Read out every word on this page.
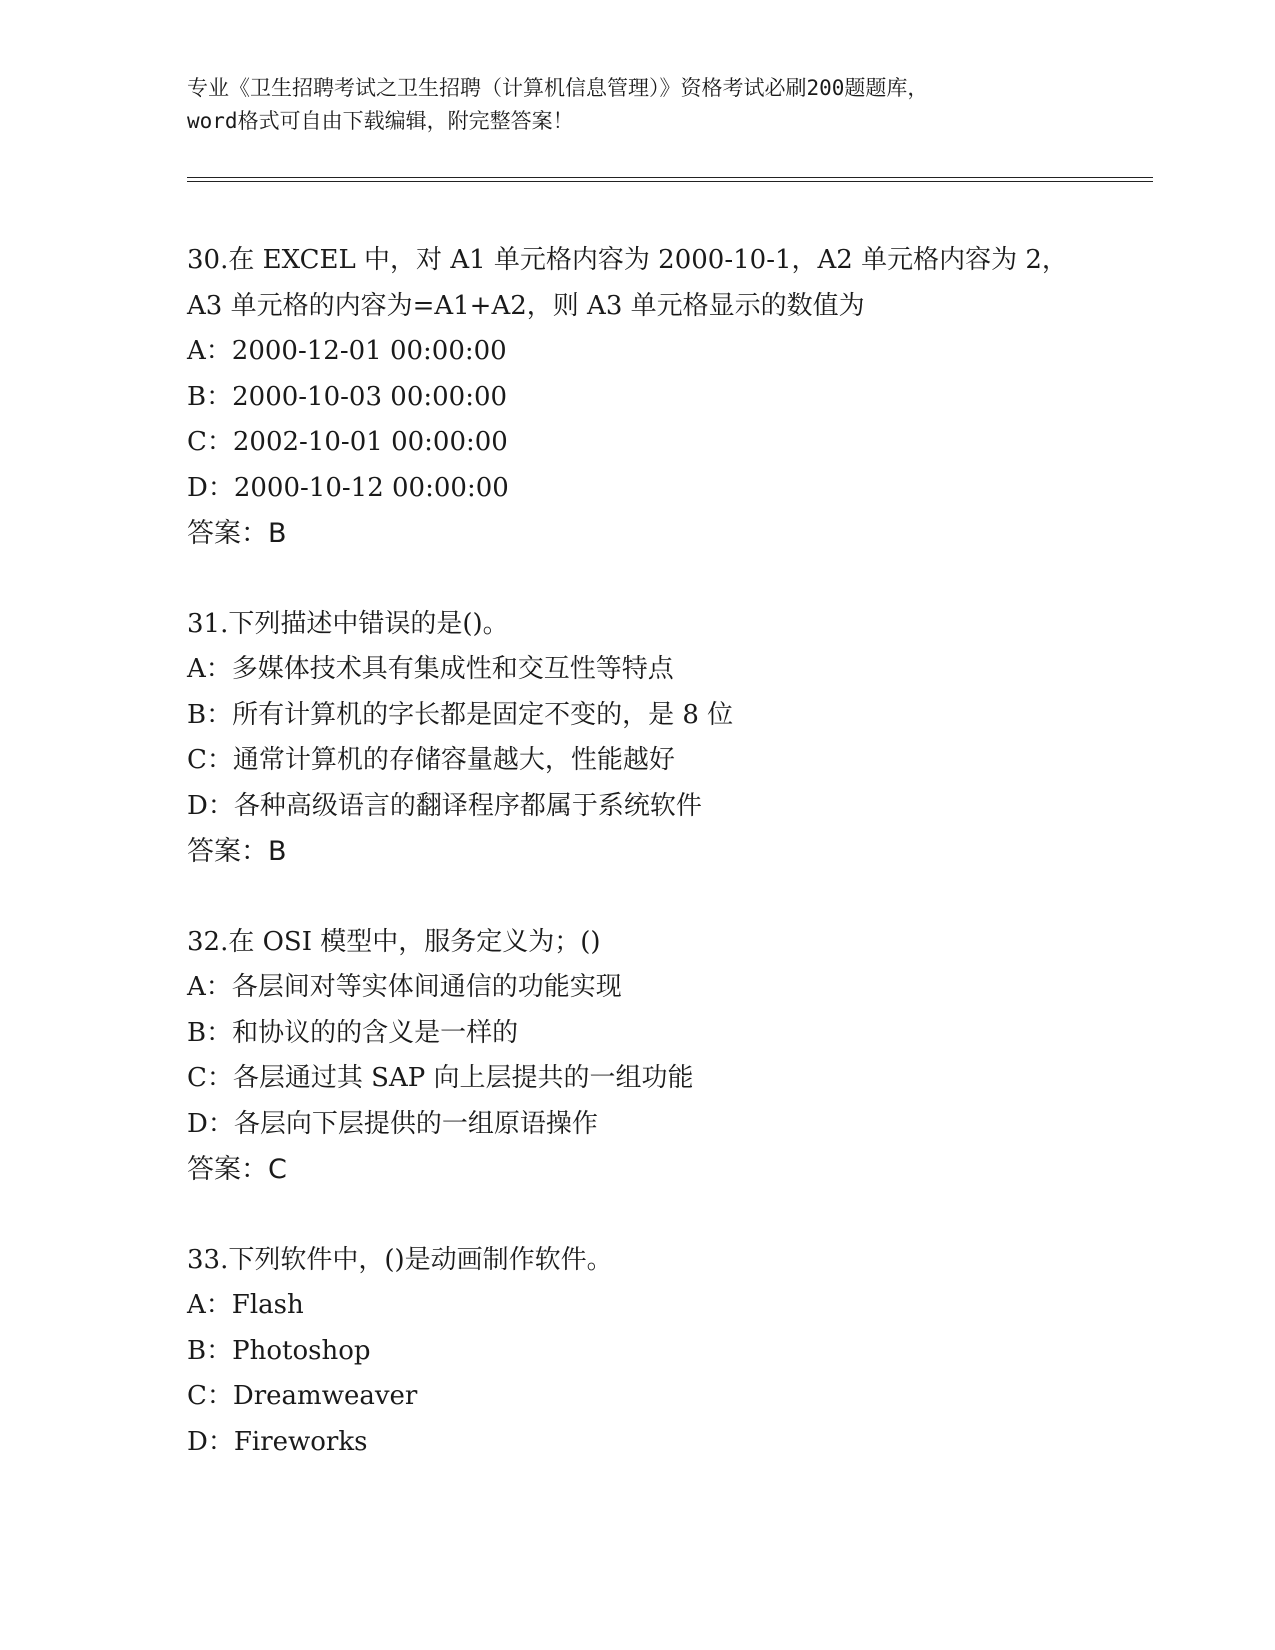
专业《卫生招聘考试之卫生招聘（计算机信息管理）》资格考试必刷200题题库，
word格式可自由下载编辑，附完整答案！
30.在 EXCEL 中，对 A1 单元格内容为 2000-10-1，A2 单元格内容为 2，
A3 单元格的内容为=A1+A2，则 A3 单元格显示的数值为
A：2000-12-01 00:00:00
B：2000-10-03 00:00:00
C：2002-10-01 00:00:00
D：2000-10-12 00:00:00
答案：B
31.下列描述中错误的是()。
A：多媒体技术具有集成性和交互性等特点
B：所有计算机的字长都是固定不变的，是 8 位
C：通常计算机的存储容量越大，性能越好
D：各种高级语言的翻译程序都属于系统软件
答案：B
32.在 OSI 模型中，服务定义为；()
A：各层间对等实体间通信的功能实现
B：和协议的的含义是一样的
C：各层通过其 SAP 向上层提共的一组功能
D：各层向下层提供的一组原语操作
答案：C
33.下列软件中，()是动画制作软件。
A：Flash
B：Photoshop
C：Dreamweaver
D：Fireworks
